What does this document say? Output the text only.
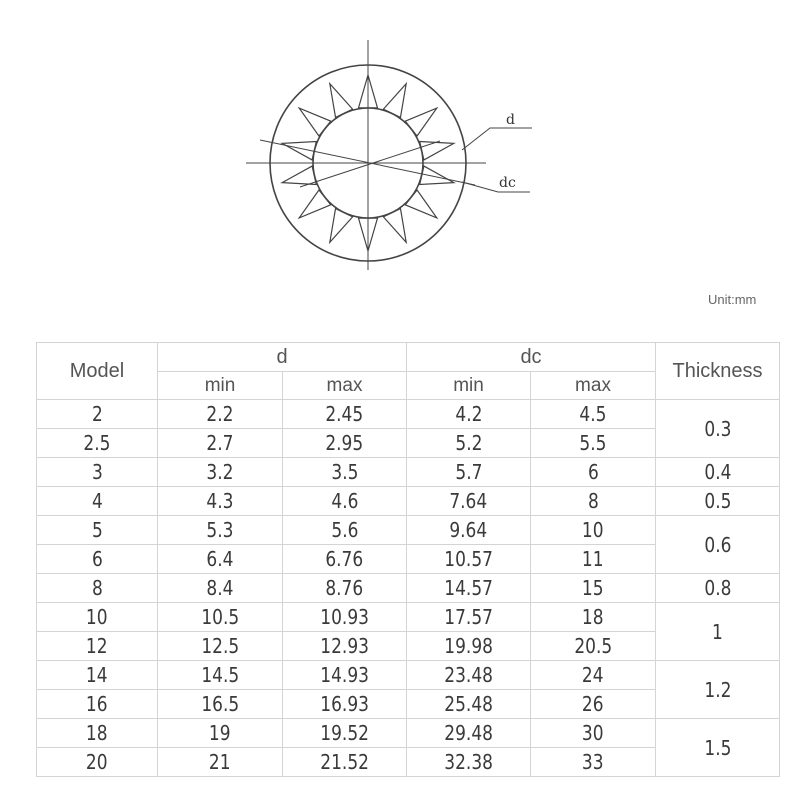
d
dc
Unit:mm
Model	d		dc		Thickness
	min	max	min	max	
2	2.2	2.45	4.2	4.5	0.3
2.5	2.7	2.95	5.2	5.5	
3	3.2	3.5	5.7	6	0.4
4	4.3	4.6	7.64	8	0.5
5	5.3	5.6	9.64	10	0.6
6	6.4	6.76	10.57	11	
8	8.4	8.76	14.57	15	0.8
10	10.5	10.93	17.57	18	1
12	12.5	12.93	19.98	20.5	
14	14.5	14.93	23.48	24	1.2
16	16.5	16.93	25.48	26	
18	19	19.52	29.48	30	1.5
20	21	21.52	32.38	33	
